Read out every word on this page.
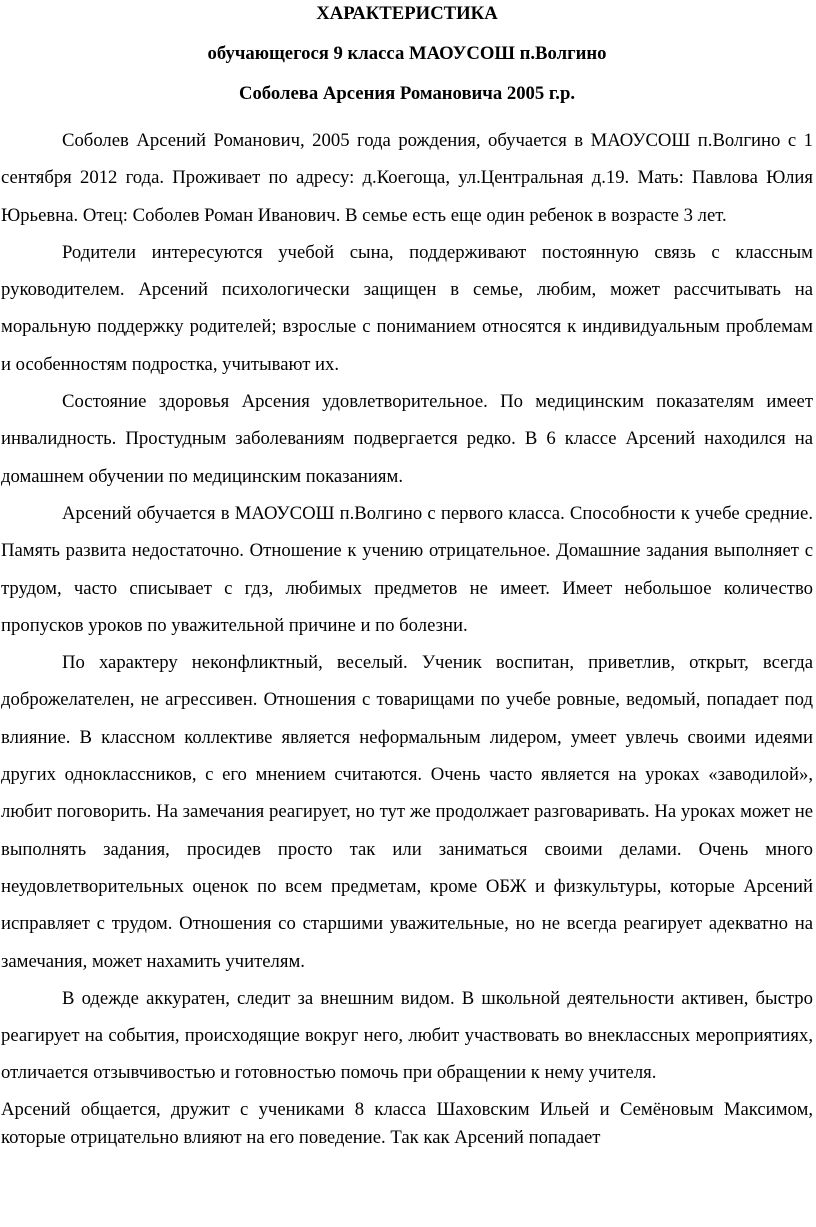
ХАРАКТЕРИСТИКА

обучающегося 9 класса МАОУСОШ п.Волгино

Соболева Арсения Романовича 2005 г.р.

Соболев Арсений Романович, 2005 года рождения, обучается в МАОУСОШ п.Волгино с 1 сентября 2012 года. Проживает по адресу: д.Коегоща, ул.Центральная д.19. Мать: Павлова Юлия Юрьевна. Отец: Соболев Роман Иванович. В семье есть еще один ребенок в возрасте 3 лет.

Родители интересуются учебой сына, поддерживают постоянную связь с классным руководителем. Арсений психологически защищен в семье, любим, может рассчитывать на моральную поддержку родителей; взрослые с пониманием относятся к индивидуальным проблемам и особенностям подростка, учитывают их.

Состояние здоровья Арсения удовлетворительное. По медицинским показателям имеет инвалидность. Простудным заболеваниям подвергается редко. В 6 классе Арсений находился на домашнем обучении по медицинским показаниям.

Арсений обучается в МАОУСОШ п.Волгино с первого класса. Способности к учебе средние. Память развита недостаточно. Отношение к учению отрицательное. Домашние задания выполняет с трудом, часто списывает с гдз, любимых предметов не имеет. Имеет небольшое количество пропусков уроков по уважительной причине и по болезни.

По характеру неконфликтный, веселый. Ученик воспитан, приветлив, открыт, всегда доброжелателен, не агрессивен. Отношения с товарищами по учебе ровные, ведомый, попадает под влияние. В классном коллективе является неформальным лидером, умеет увлечь своими идеями других одноклассников, с его мнением считаются. Очень часто является на уроках «заводилой», любит поговорить. На замечания реагирует, но тут же продолжает разговаривать. На уроках может не выполнять задания, просидев просто так или заниматься своими делами. Очень много неудовлетворительных оценок по всем предметам, кроме ОБЖ и физкультуры, которые Арсений исправляет с трудом. Отношения со старшими уважительные, но не всегда реагирует адекватно на замечания, может нахамить учителям.

В одежде аккуратен, следит за внешним видом. В школьной деятельности активен, быстро реагирует на события, происходящие вокруг него, любит участвовать во внеклассных мероприятиях, отличается отзывчивостью и готовностью помочь при обращении к нему учителя.

Арсений общается, дружит с учениками 8 класса Шаховским Ильей и Семёновым Максимом, которые отрицательно влияют на его поведение. Так как Арсений попадает
